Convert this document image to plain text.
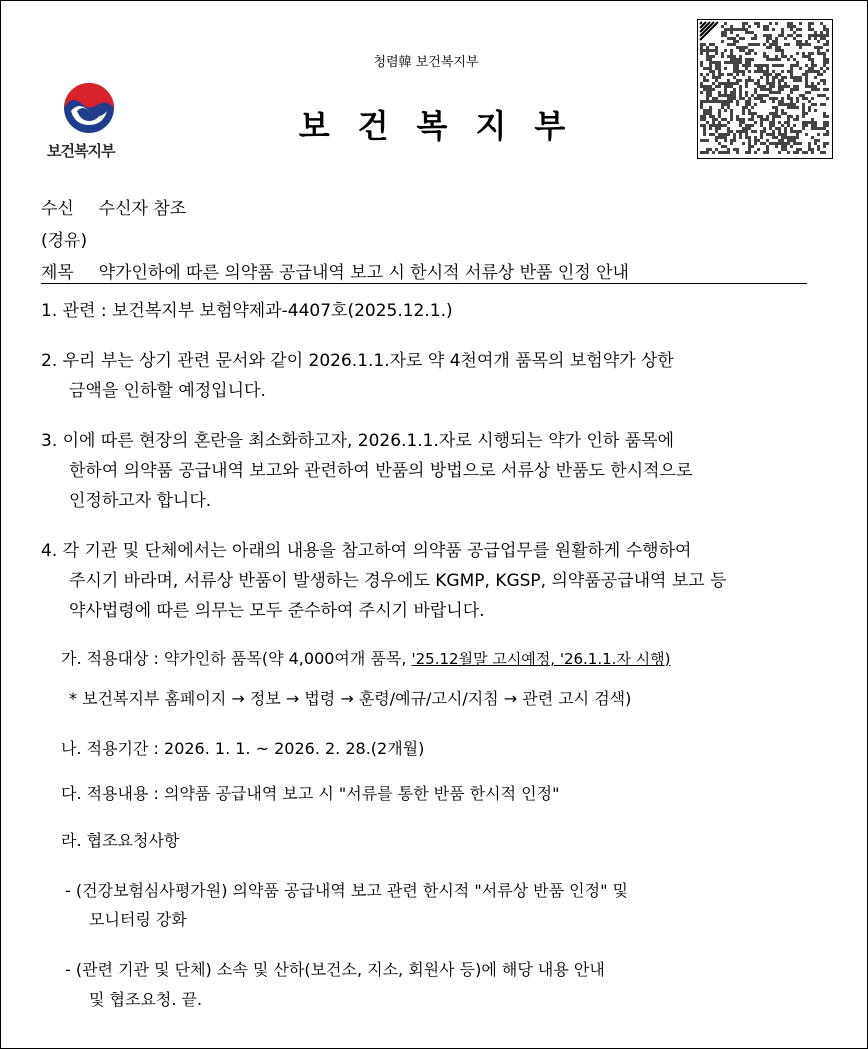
보건복지부
청렴韓 보건복지부
보건복지부
수신 수신자 참조
(경유)
제목 약가인하에 따른 의약품 공급내역 보고 시 한시적 서류상 반품 인정 안내
1. 관련 : 보건복지부 보험약제과-4407호(2025.12.1.)
2. 우리 부는 상기 관련 문서와 같이 2026.1.1.자로 약 4천여개 품목의 보험약가 상한
금액을 인하할 예정입니다.
3. 이에 따른 현장의 혼란을 최소화하고자, 2026.1.1.자로 시행되는 약가 인하 품목에
한하여 의약품 공급내역 보고와 관련하여 반품의 방법으로 서류상 반품도 한시적으로
인정하고자 합니다.
4. 각 기관 및 단체에서는 아래의 내용을 참고하여 의약품 공급업무를 원활하게 수행하여
주시기 바라며, 서류상 반품이 발생하는 경우에도 KGMP, KGSP, 의약품공급내역 보고 등
약사법령에 따른 의무는 모두 준수하여 주시기 바랍니다.
가. 적용대상 : 약가인하 품목(약 4,000여개 품목, '25.12월말 고시예정, '26.1.1.자 시행)
* 보건복지부 홈페이지 → 정보 → 법령 → 훈령/예규/고시/지침 → 관련 고시 검색)
나. 적용기간 : 2026. 1. 1. ~ 2026. 2. 28.(2개월)
다. 적용내용 : 의약품 공급내역 보고 시 "서류를 통한 반품 한시적 인정"
라. 협조요청사항
- (건강보험심사평가원) 의약품 공급내역 보고 관련 한시적 "서류상 반품 인정" 및
모니터링 강화
- (관련 기관 및 단체) 소속 및 산하(보건소, 지소, 회원사 등)에 해당 내용 안내
및 협조요청. 끝.
